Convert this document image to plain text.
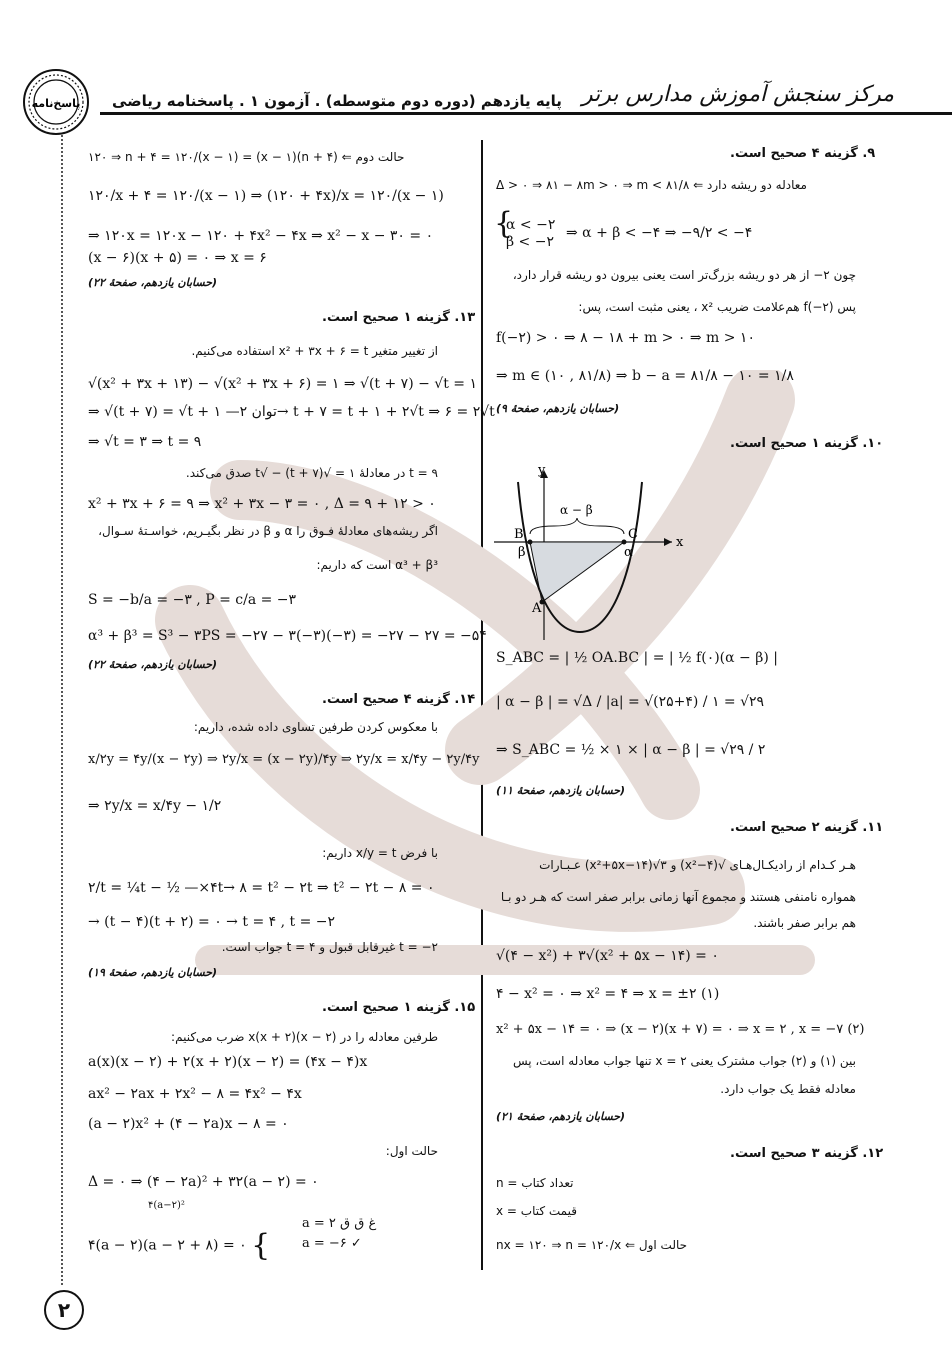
پایه یازدهم (دوره دوم متوسطه) . آزمون ۱ . پاسخنامه ریاضی مرکز سنجش آموزش مدارس برتر
پاسخ‌نامه
۹. گزینه ۴ صحیح است.
معادله دو ریشه دارد ⇐ Δ > ۰ ⇒ ۸۱ − ۸m > ۰ ⇒ m < ۸۱/۸
{
α < −۲
β < −۲
⇒ α + β < −۴ ⇒ −۹/۲ < −۴
چون ۲− از هر دو ریشه بزرگ‌تر است یعنی بیرون دو ریشه قرار دارد،
پس f(−۲) هم‌علامت ضریب x² ، یعنی مثبت است، پس:
f(−۲) > ۰ ⇒ ۸ − ۱۸ + m > ۰ ⇒ m > ۱۰
⇒ m ∈ (۱۰ , ۸۱/۸) ⇒ b − a = ۸۱/۸ − ۱۰ = ۱/۸
(حسابان یازدهم، صفحهٔ ۹)
۱۰. گزینه ۱ صحیح است.
x
y
B	C
A
β	α
α − β
S_ABC = | ½ OA.BC | = | ½ f(۰)(α − β) |
| α − β | = √Δ / |a| = √(۲۵+۴) / ۱ = √۲۹
⇒ S_ABC = ½ × ۱ × | α − β | = √۲۹ / ۲
(حسابان یازدهم، صفحهٔ ۱۱)
۱۱. گزینه ۲ صحیح است.
هـر کـدام از رادیکـال‌هـای √(۴−x²) و ۳√(x²+۵x−۱۴) عـبـارات
همواره نامنفی هستند و مجموع آنها زمانی برابر صفر است که هـر دو بـا
هم برابر صفر باشند.
√(۴ − x²) + ۳√(x² + ۵x − ۱۴) = ۰
۴ − x² = ۰ ⇒ x² = ۴ ⇒ x = ±۲ (۱)
x² + ۵x − ۱۴ = ۰ ⇒ (x − ۲)(x + ۷) = ۰ ⇒ x = ۲ , x = −۷ (۲)
بین (۱) و (۲) جواب مشترک یعنی x = ۲ تنها جواب معادله است، پس
معادله فقط یک جواب دارد.
(حسابان یازدهم، صفحهٔ ۲۱)
۱۲. گزینه ۳ صحیح است.
تعداد کتاب = n
قیمت کتاب = x
حالت اول ⇐ nx = ۱۲۰ ⇒ n = ۱۲۰/x
حالت دوم ⇐ (n + ۴)(x − ۱) = ۱۲۰ ⇒ n + ۴ = ۱۲۰/(x − ۱)
۱۲۰/x + ۴ = ۱۲۰/(x − ۱) ⇒ (۱۲۰ + ۴x)/x = ۱۲۰/(x − ۱)
⇒ ۱۲۰x = ۱۲۰x − ۱۲۰ + ۴x² − ۴x ⇒ x² − x − ۳۰ = ۰
(x − ۶)(x + ۵) = ۰ ⇒ x = ۶
(حسابان یازدهم، صفحهٔ ۲۲)
۱۳. گزینه ۱ صحیح است.
از تغییر متغیر x² + ۳x + ۶ = t استفاده می‌کنیم.
√(x² + ۳x + ۱۳) − √(x² + ۳x + ۶) = ۱ ⇒ √(t + ۷) − √t = ۱
⇒ √(t + ۷) = √t + ۱ —توان ۲→ t + ۷ = t + ۱ + ۲√t ⇒ ۶ = ۲√t
⇒ √t = ۳ ⇒ t = ۹
t = ۹ در معادلهٔ ۱ = √(t + ۷) − √t صدق می‌کند.
x² + ۳x + ۶ = ۹ ⇒ x² + ۳x − ۳ = ۰ , Δ = ۹ + ۱۲ > ۰
اگر ریشه‌های معادلهٔ فـوق را α و β در نظر بگیـریم، خواسـتهٔ سـوال،
α³ + β³ است که داریم:
S = −b/a = −۳ , P = c/a = −۳
α³ + β³ = S³ − ۳PS = −۲۷ − ۳(−۳)(−۳) = −۲۷ − ۲۷ = −۵۴
(حسابان یازدهم، صفحهٔ ۲۲)
۱۴. گزینه ۴ صحیح است.
با معکوس کردن طرفین تساوی داده شده، داریم:
x/۲y = ۴y/(x − ۲y) ⇒ ۲y/x = (x − ۲y)/۴y ⇒ ۲y/x = x/۴y − ۲y/۴y
⇒ ۲y/x = x/۴y − ۱/۲
با فرض x/y = t داریم:
۲/t = ¼t − ½ —×۴t→ ۸ = t² − ۲t ⇒ t² − ۲t − ۸ = ۰
→ (t − ۴)(t + ۲) = ۰ → t = ۴ , t = −۲
t = −۲ غیرقابل قبول و t = ۴ جواب است.
(حسابان یازدهم، صفحهٔ ۱۹)
۱۵. گزینه ۱ صحیح است.
طرفین معادله را در x(x + ۲)(x − ۲) ضرب می‌کنیم:
a(x)(x − ۲) + ۲(x + ۲)(x − ۲) = (۴x − ۴)x
ax² − ۲ax + ۲x² − ۸ = ۴x² − ۴x
(a − ۲)x² + (۴ − ۲a)x − ۸ = ۰
حالت اول:
Δ = ۰ ⇒ (۴ − ۲a)² + ۳۲(a − ۲) = ۰
۴(a−۲)²
۴(a − ۲)(a − ۲ + ۸) = ۰ {
a = ۲ غ ق ق
a = −۶ ✓
۲
